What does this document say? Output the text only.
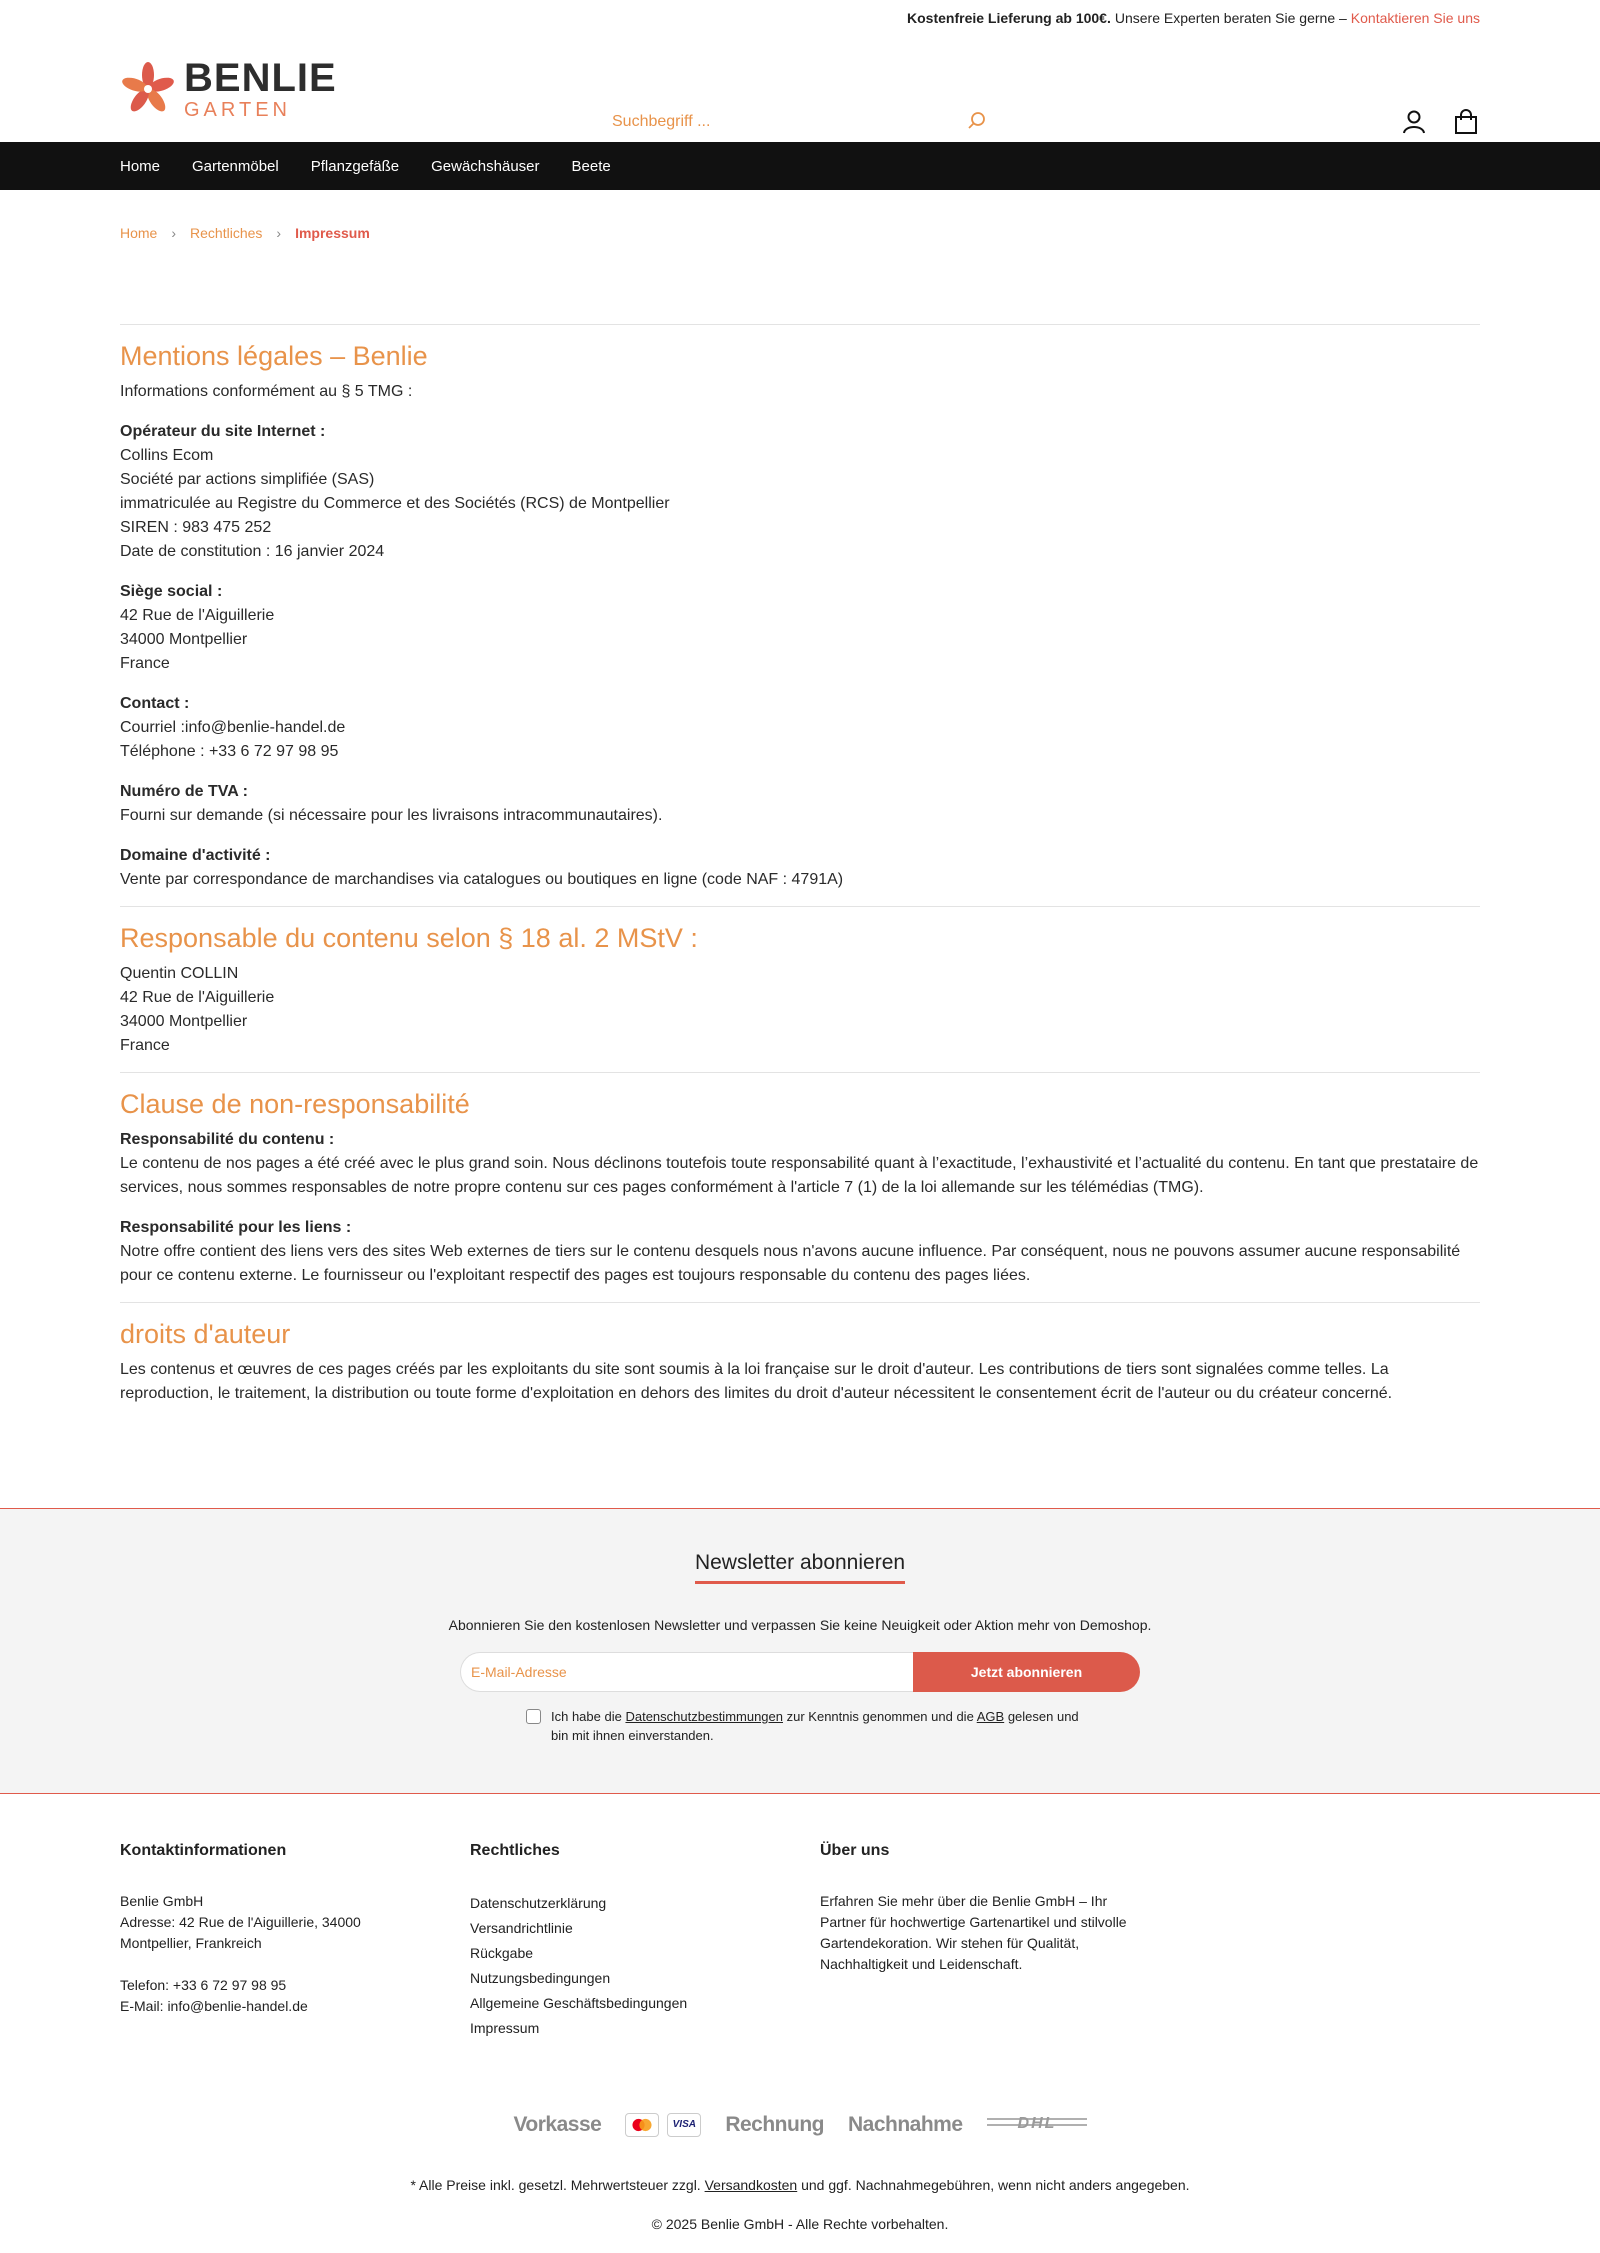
Kostenfreie Lieferung ab 100€. Unsere Experten beraten Sie gerne – Kontaktieren Sie uns
BENLIE
GARTEN
Suchbegriff ...
Home Gartenmöbel Pflanzgefäße Gewächshäuser Beete
Home › Rechtliches › Impressum
Mentions légales – Benlie

Informations conformément au § 5 TMG :

Opérateur du site Internet :
Collins Ecom
Société par actions simplifiée (SAS)
immatriculée au Registre du Commerce et des Sociétés (RCS) de Montpellier
SIREN : 983 475 252
Date de constitution : 16 janvier 2024

Siège social :
42 Rue de l'Aiguillerie
34000 Montpellier
France

Contact :
Courriel :info@benlie-handel.de
Téléphone : +33 6 72 97 98 95

Numéro de TVA :
Fourni sur demande (si nécessaire pour les livraisons intracommunautaires).

Domaine d'activité :
Vente par correspondance de marchandises via catalogues ou boutiques en ligne (code NAF : 4791A)

Responsable du contenu selon § 18 al. 2 MStV :

Quentin COLLIN
42 Rue de l'Aiguillerie
34000 Montpellier
France

Clause de non-responsabilité

Responsabilité du contenu :
Le contenu de nos pages a été créé avec le plus grand soin. Nous déclinons toutefois toute responsabilité quant à l’exactitude, l’exhaustivité et l’actualité du contenu. En tant que prestataire de services, nous sommes responsables de notre propre contenu sur ces pages conformément à l'article 7 (1) de la loi allemande sur les télémédias (TMG).

Responsabilité pour les liens :
Notre offre contient des liens vers des sites Web externes de tiers sur le contenu desquels nous n'avons aucune influence. Par conséquent, nous ne pouvons assumer aucune responsabilité pour ce contenu externe. Le fournisseur ou l'exploitant respectif des pages est toujours responsable du contenu des pages liées.

droits d'auteur

Les contenus et œuvres de ces pages créés par les exploitants du site sont soumis à la loi française sur le droit d'auteur. Les contributions de tiers sont signalées comme telles. La reproduction, le traitement, la distribution ou toute forme d'exploitation en dehors des limites du droit d'auteur nécessitent le consentement écrit de l'auteur ou du créateur concerné.

Newsletter abonnieren
Abonnieren Sie den kostenlosen Newsletter und verpassen Sie keine Neuigkeit oder Aktion mehr von Demoshop.
E-Mail-Adresse
Jetzt abonnieren
Ich habe die Datenschutzbestimmungen zur Kenntnis genommen und die AGB gelesen und bin mit ihnen einverstanden.
Kontaktinformationen
Benlie GmbH
Adresse: 42 Rue de l'Aiguillerie, 34000
Montpellier, Frankreich
Telefon: +33 6 72 97 98 95
E-Mail: info@benlie-handel.de
Rechtliches
Datenschutzerklärung
Versandrichtlinie
Rückgabe
Nutzungsbedingungen
Allgemeine Geschäftsbedingungen
Impressum
Über uns
Erfahren Sie mehr über die Benlie GmbH – Ihr Partner für hochwertige Gartenartikel und stilvolle Gartendekoration. Wir stehen für Qualität, Nachhaltigkeit und Leidenschaft.
Vorkasse	VISA Rechnung Nachnahme	DHL
* Alle Preise inkl. gesetzl. Mehrwertsteuer zzgl. Versandkosten und ggf. Nachnahmegebühren, wenn nicht anders angegeben.
© 2025 Benlie GmbH - Alle Rechte vorbehalten.
